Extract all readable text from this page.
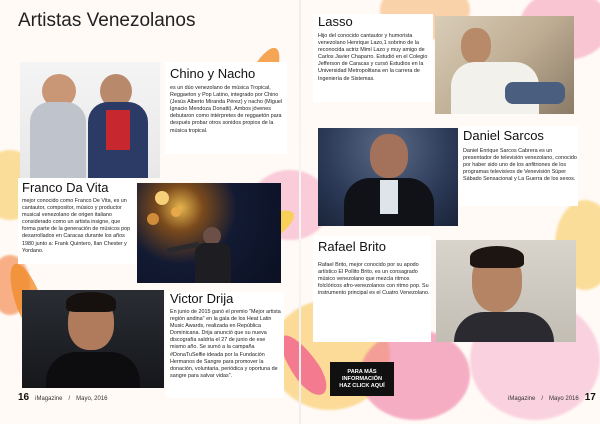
Artistas Venezolanos
Chino y Nacho

es un dúo venezolano de música Tropical, Reggaeton y Pop Latino, integrado por Chino (Jesús Alberto Miranda Pérez) y nacho (Miguel Ignacio Mendoza Donatti). Ambos jóvenes debutaron como intérpretes de reggaetón para después probar otros sonidos propios de la música tropical.

Franco Da Vita

mejor conocido como Franco De Vita, es un cantautor, compositor, músico y productor musical venezolano de origen italiano considerado como un artista insigne, que forma parte de la generación de músicos pop desarrollados en Caracas durante los años 1980 junto a: Frank Quintero, Ilan Chester y Yordano.

Victor Drija

En junio de 2015 ganó el premio "Mejor artista región andina" en la gala de los Heat Latin Music Awards, realizada en República Dominicana. Drija anunció que su nueva discografía saldría el 27 de junio de ese mismo año. Se sumó a la campaña #DonaTuSelfie ideada por la Fundación Hermanos de Sangre para promover la donación, voluntaria, periódica y oportuna de sangre para salvar vidas".

16 iMagazine / Mayo, 2016
Lasso

Hijo del conocido cantautor y humorista venezolano Henrique Lazo,1 sobrino de la reconocida actriz Mimí Lazo y muy amigo de Carlos Javier Chaparro. Estudió en el Colegio Jefferson de Caracas y cursó Estudios en la Universidad Metropolitana en la carrera de Ingeniería de Sistemas.

Daniel Sarcos

Daniel Enrique Sarcos Cabrera es un presentador de televisión venezolano, conocido por haber sido uno de los anfitriones de los programas televisivos de Venevisión Súper Sábado Sensacional y La Guerra de los sexos.

Rafael Brito

Rafael Brito, mejor conocido por su apodo artístico El Pollito Brito, es un consagrado músico venezolano que mezcla ritmos folclóricos afro-venezolanos con ritmo pop. Su instrumento principal es el Cuatro Venezolano.

PARA MÁS
INFORMACIÓN
HAZ CLICK AQUÍ
iMagazine / Mayo 2016 17
